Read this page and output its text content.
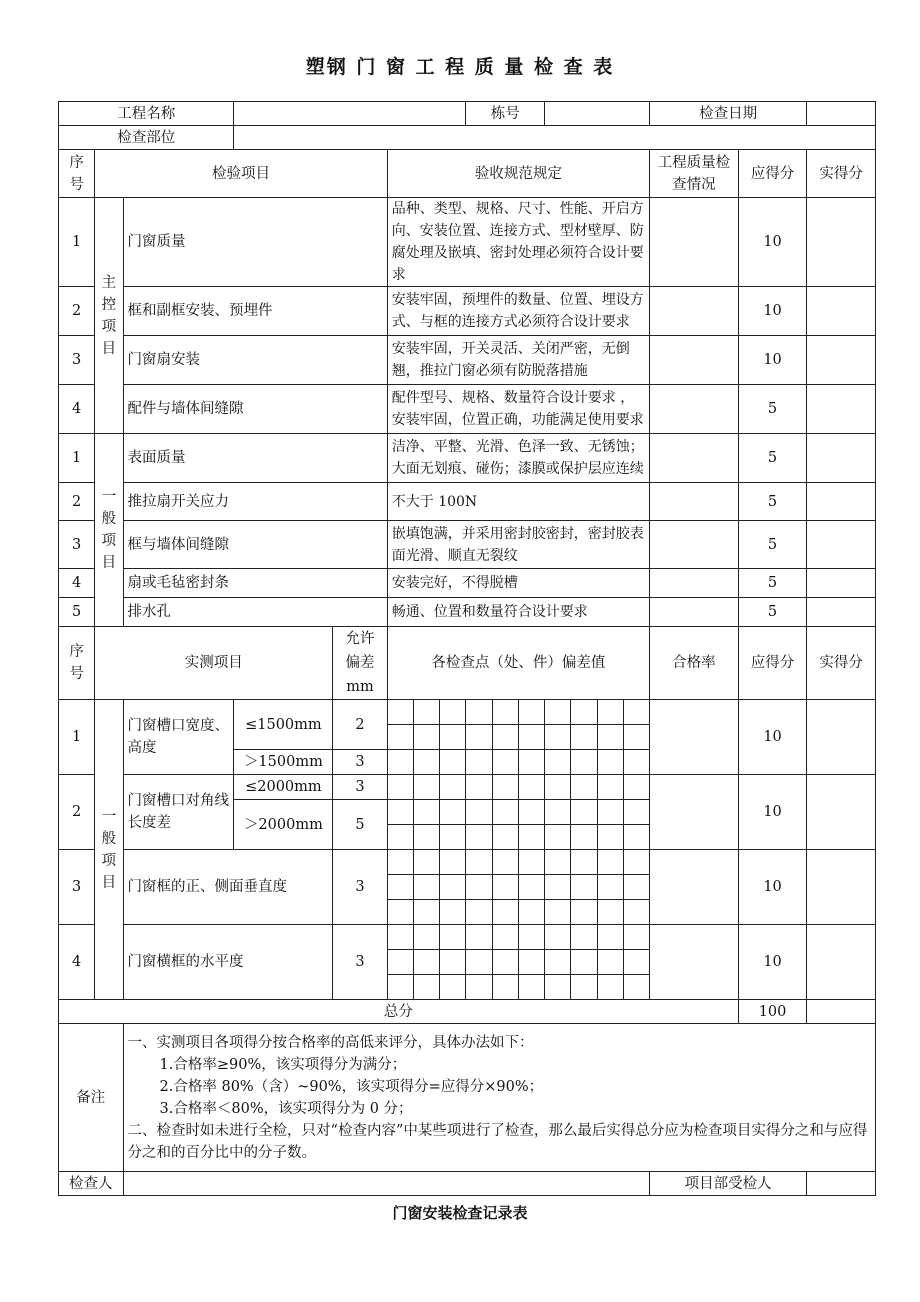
塑钢 门 窗 工 程 质 量 检 查 表
工程名称								栋号							检查日期		
检查部位																	
序号	检验项目				验收规范规定										工程质量检查情况	应得分	实得分
1	主控项目	门窗质量			品种、类型、规格、尺寸、性能、开启方向、安装位置、连接方式、型材壁厚、防腐处理及嵌填、密封处理必须符合设计要求											10	
2		框和副框安装、预埋件			安装牢固，预埋件的数量、位置、埋设方式、与框的连接方式必须符合设计要求											10	
3		门窗扇安装			安装牢固，开关灵活、关闭严密，无倒翘，推拉门窗必须有防脱落措施											10	
4		配件与墙体间缝隙			配件型号、规格、数量符合设计要求 ，安装牢固，位置正确，功能满足使用要求											5	
1	一般项目	表面质量			洁净、平整、光滑、色泽一致、无锈蚀；大面无划痕、碰伤；漆膜或保护层应连续											5	
2		推拉扇开关应力			不大于 100N											5	
3		框与墙体间缝隙			嵌填饱满，并采用密封胶密封，密封胶表面光滑、顺直无裂纹											5	
4		扇或毛毡密封条			安装完好，不得脱槽											5	
5		排水孔			畅通、位置和数量符合设计要求											5	
序号	实测项目			允许偏差mm	各检查点（处、件）偏差值										合格率	应得分	实得分
1	一般项目	门窗槽口宽度、高度	≤1500mm	2												10	

			＞1500mm	3													
2		门窗槽口对角线长度差	≤2000mm	3												10	
			＞2000mm	5													

3		门窗框的正、侧面垂直度		3												10	

4		门窗横框的水平度		3												10	

总分																100	
备注		一、实测项目各项得分按合格率的高低来评分，具体办法如下：
1.合格率≥90%，该实项得分为满分；
2.合格率 80%（含）~90%，该实项得分=应得分×90%；
3.合格率＜80%，该实项得分为 0 分；
二、检查时如未进行全检，只对“检查内容”中某些项进行了检查，那么最后实得总分应为检查项目实得分之和与应得分之和的百分比中的分子数。															

检查人															项目部受检人		
门窗安装检查记录表
